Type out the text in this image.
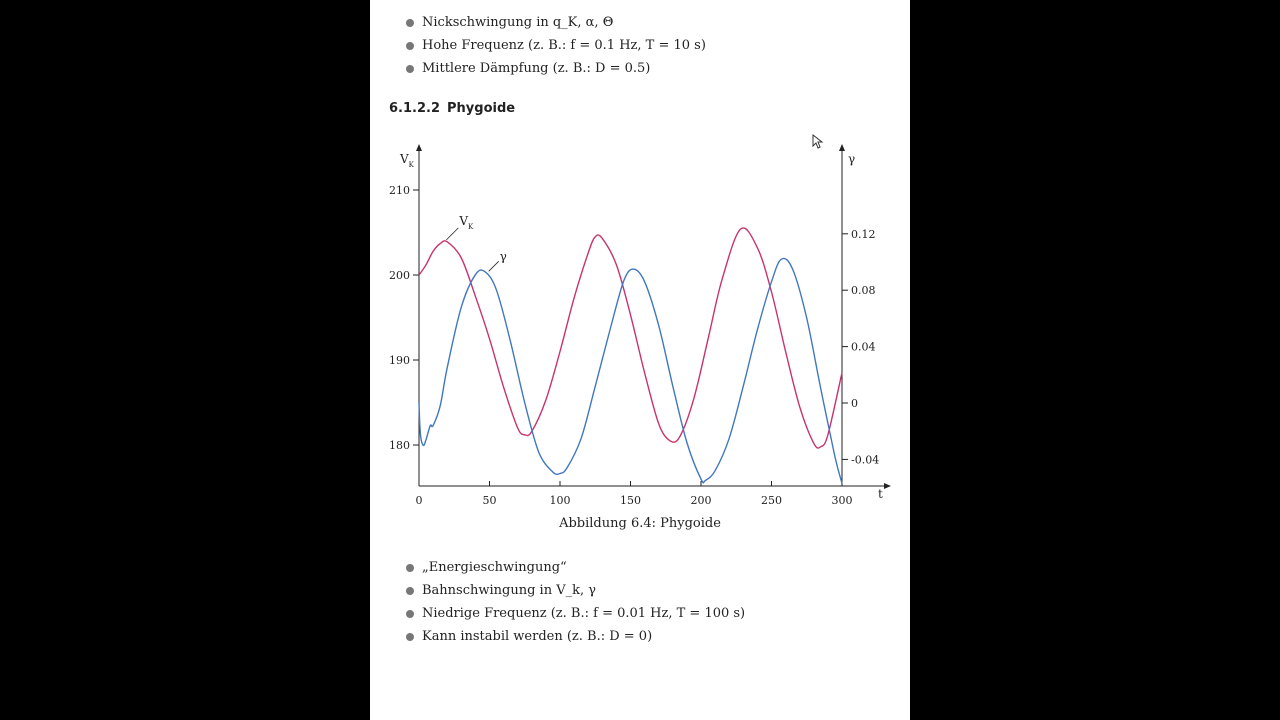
Nickschwingung in q_K, α, Θ
Hohe Frequenz (z. B.: f = 0.1 Hz, T = 10 s)
Mittlere Dämpfung (z. B.: D = 0.5)
6.1.2.2 Phygoide
0	50	100	150	200	250	300
180
190
200
210
-0.04
0
0.04
0.08
0.12
$V_K$	γ
t
$V_K$
γ
Abbildung 6.4: Phygoide
„Energieschwingung“
Bahnschwingung in V_k, γ
Niedrige Frequenz (z. B.: f = 0.01 Hz, T = 100 s)
Kann instabil werden (z. B.: D = 0)
